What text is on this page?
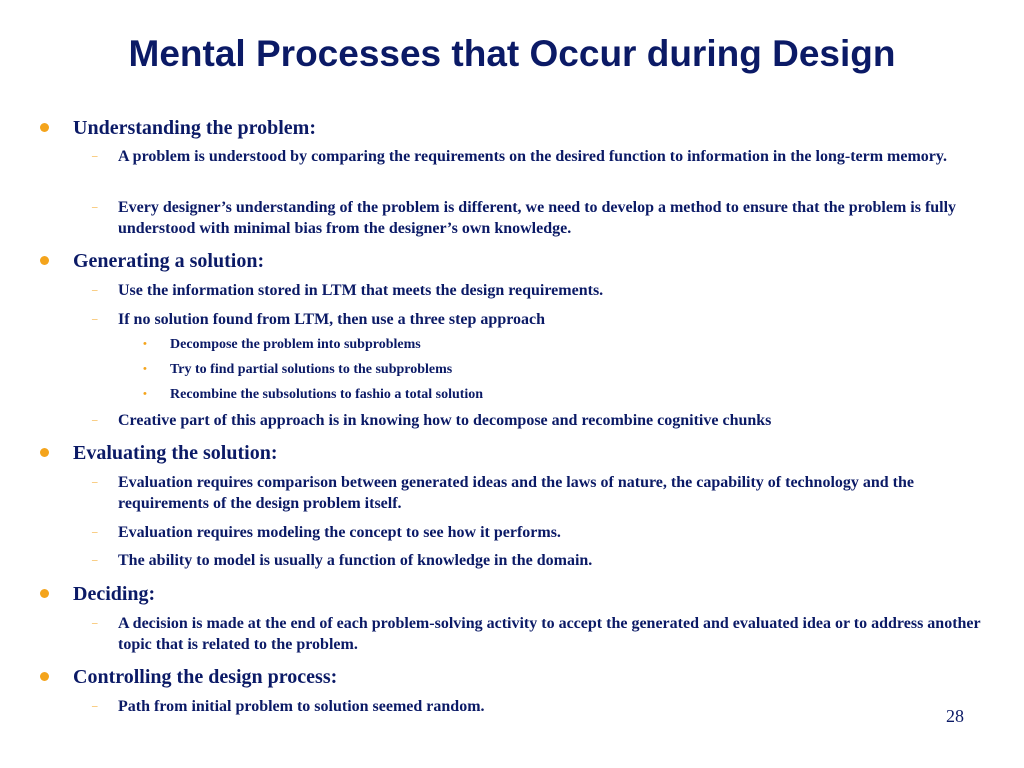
Mental Processes that Occur during Design
Understanding the problem:
– A problem is understood by comparing the requirements on the desired function to information in the long-term memory.
– Every designer’s understanding of the problem is different, we need to develop a method to ensure that the problem is fully understood with minimal bias from the designer’s own knowledge.
Generating a solution:
– Use the information stored in LTM that meets the design requirements.
– If no solution found from LTM, then use a three step approach
• Decompose the problem into subproblems
• Try to find partial solutions to the subproblems
• Recombine the subsolutions to fashio a total solution
– Creative part of this approach is in knowing how to decompose and recombine cognitive chunks
Evaluating the solution:
– Evaluation requires comparison between generated ideas and the laws of nature, the capability of technology and the requirements of the design problem itself.
– Evaluation requires modeling the concept to see how it performs.
– The ability to model is usually a function of knowledge in the domain.
Deciding:
– A decision is made at the end of each problem-solving activity to accept the generated and evaluated idea or to address another topic that is related to the problem.
Controlling the design process:
– Path from initial problem to solution seemed random.	28
